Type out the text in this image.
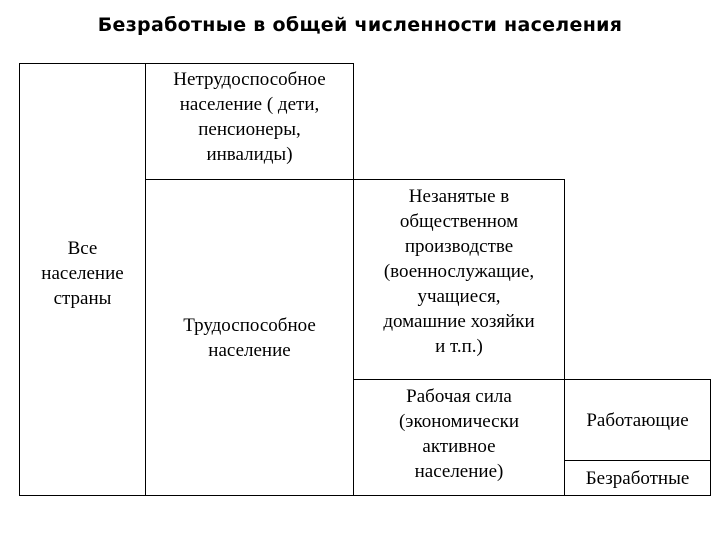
Безработные в общей численности населения
Все
население
страны
Нетрудоспособное
население ( дети,
пенсионеры,
инвалиды)
Трудоспособное
население
Незанятые в
общественном
производстве
(военнослужащие,
учащиеся,
домашние хозяйки
и т.п.)
Рабочая сила
(экономически
активное
население)
Работающие
Безработные
